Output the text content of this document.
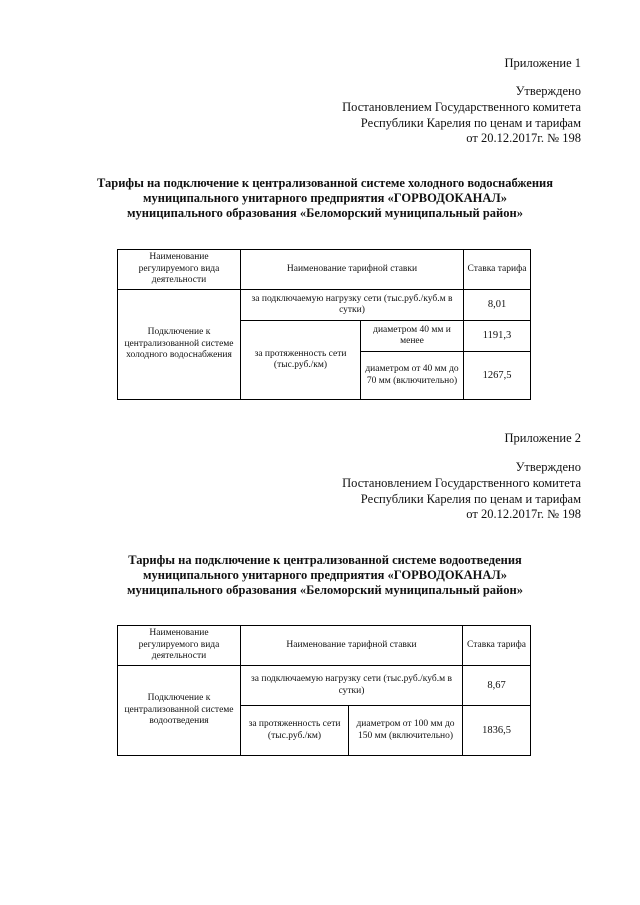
Приложение 1
Утверждено
Постановлением Государственного комитета
Республики Карелия по ценам и тарифам
от 20.12.2017г. № 198
Тарифы на подключение к централизованной системе холодного водоснабжения
муниципального унитарного предприятия «ГОРВОДОКАНАЛ»
муниципального образования «Беломорский муниципальный район»
Наименование регулируемого вида деятельности	Наименование тарифной ставки		Ставка тарифа
Подключение к централизованной системе холодного водоснабжения	за подключаемую нагрузку сети (тыс.руб./куб.м в сутки)		8,01
	за протяженность сети (тыс.руб./км)	диаметром 40 мм и менее	1191,3
		диаметром от 40 мм до 70 мм (включительно)	1267,5
Приложение 2
Утверждено
Постановлением Государственного комитета
Республики Карелия по ценам и тарифам
от 20.12.2017г. № 198
Тарифы на подключение к централизованной системе водоотведения
муниципального унитарного предприятия «ГОРВОДОКАНАЛ»
муниципального образования «Беломорский муниципальный район»
Наименование регулируемого вида деятельности	Наименование тарифной ставки		Ставка тарифа
Подключение к централизованной системе водоотведения	за подключаемую нагрузку сети (тыс.руб./куб.м в сутки)		8,67
	за протяженность сети (тыс.руб./км)	диаметром от 100 мм до 150 мм (включительно)	1836,5
